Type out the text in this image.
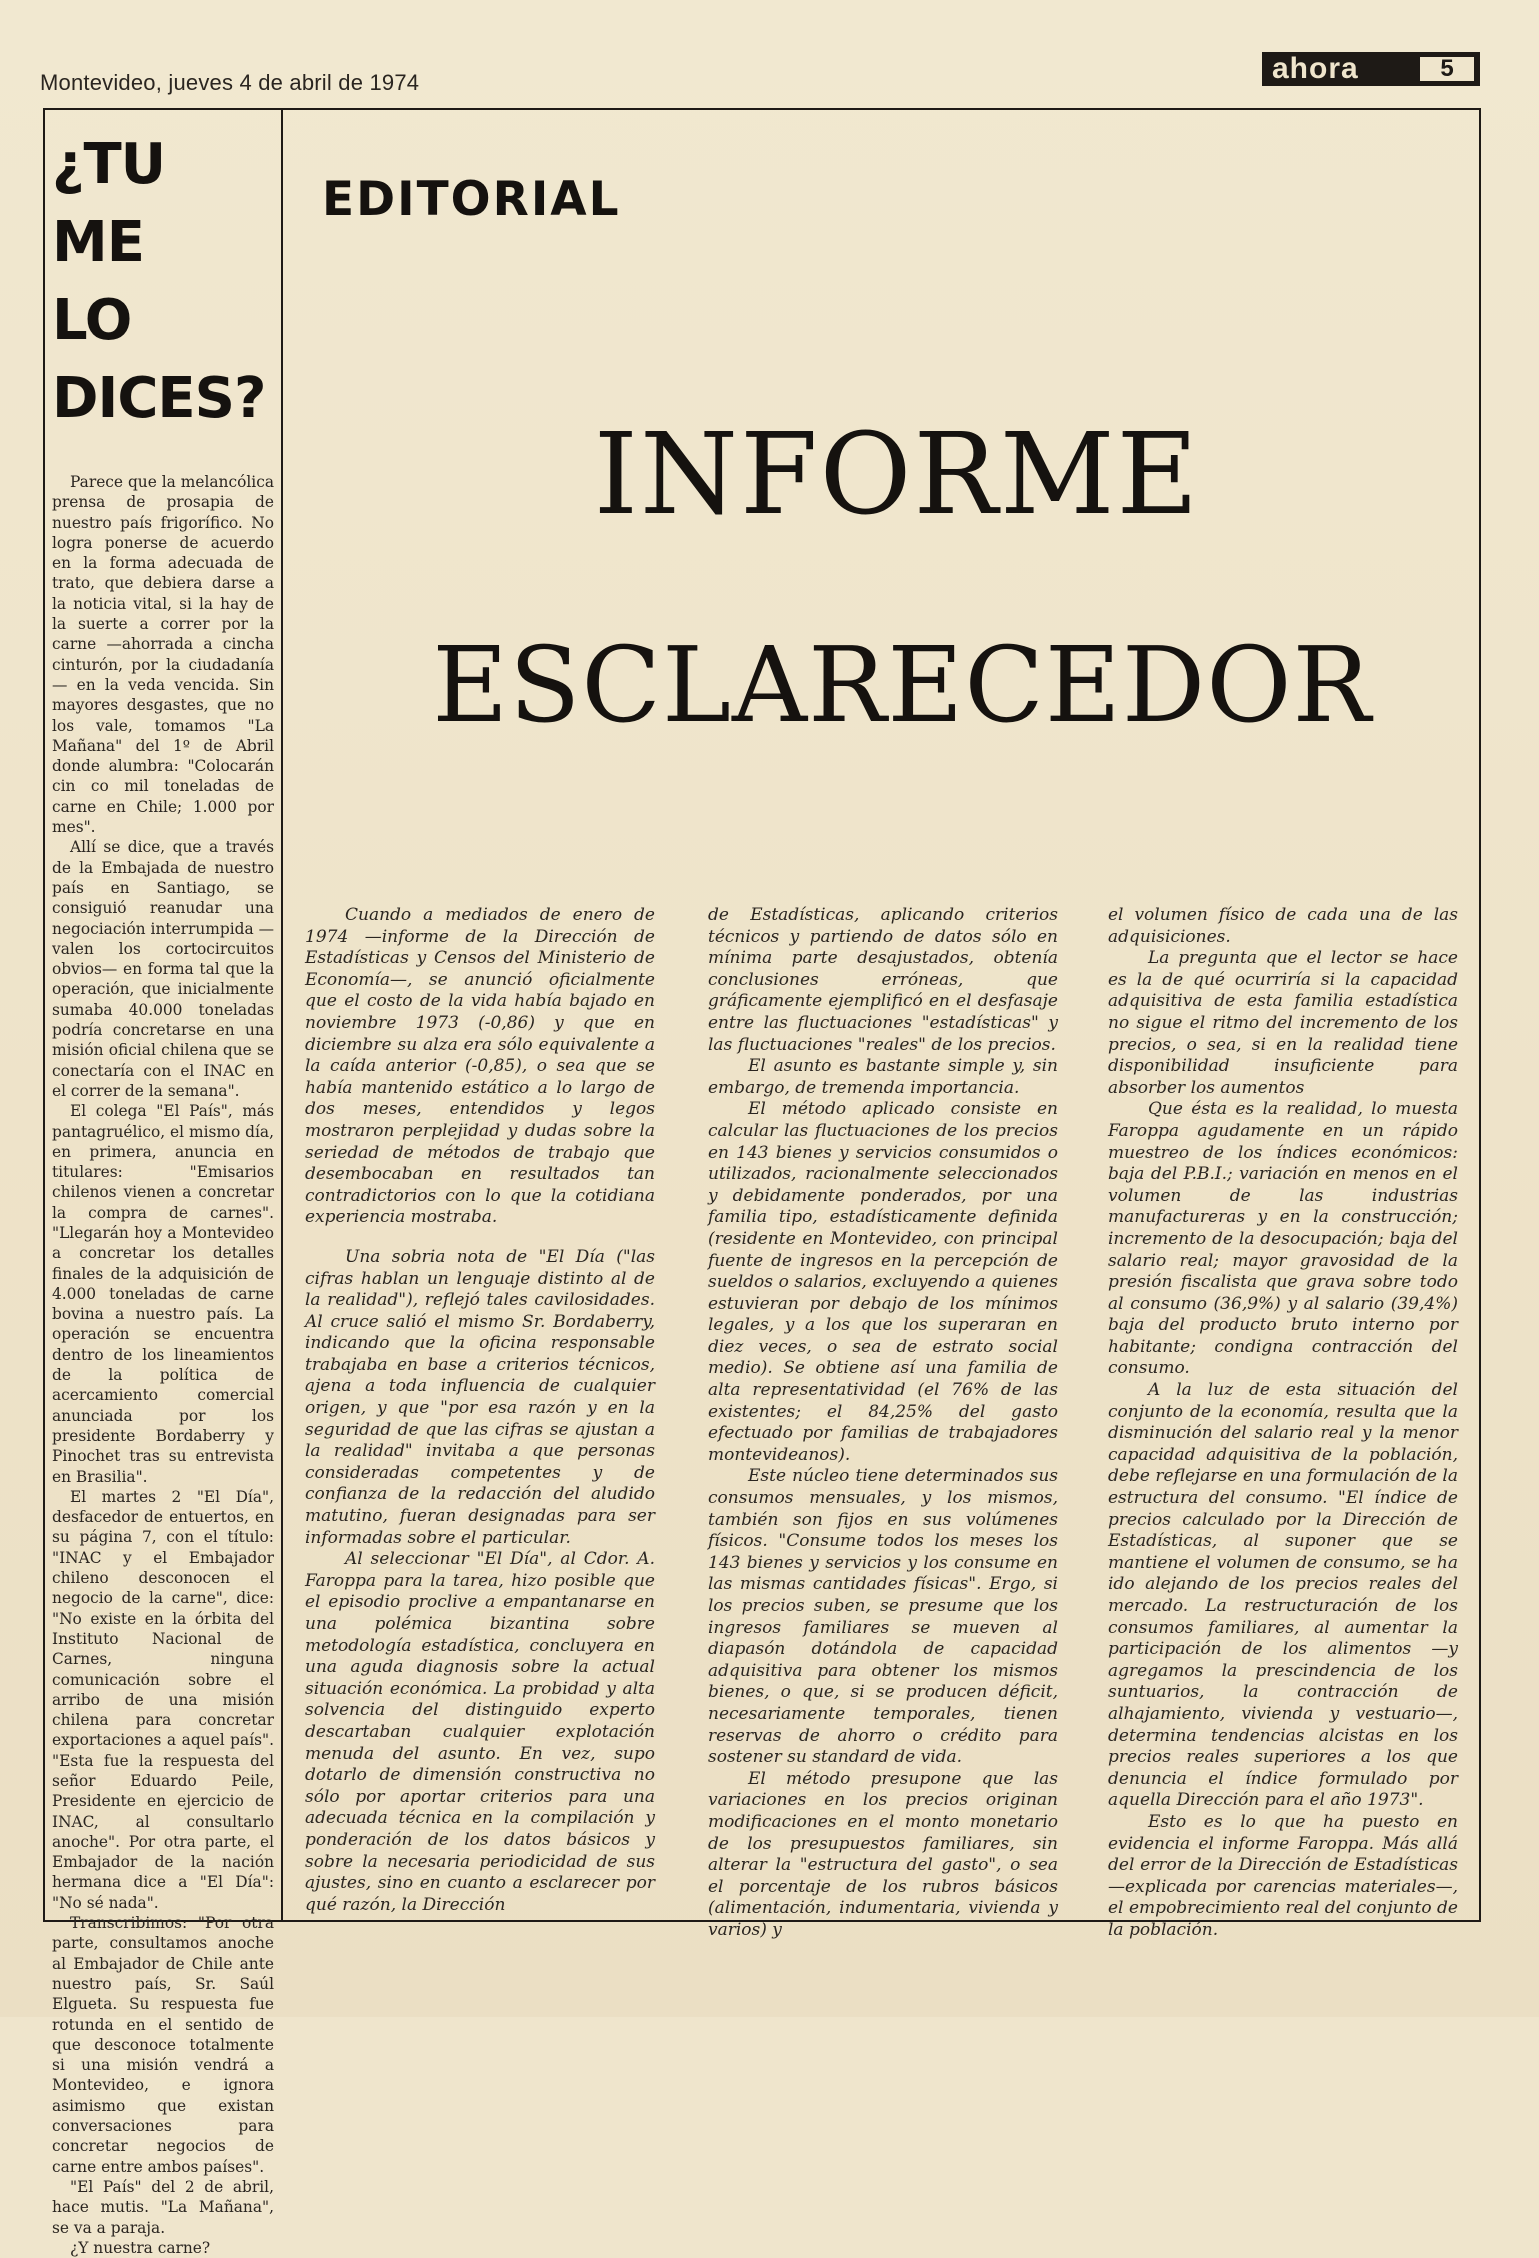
Montevideo, jueves 4 de abril de 1974	ahora	5
¿TU ME
LO
DICES?

Parece que la melancólica prensa de prosapia de nuestro país frigorífico. No logra ponerse de acuerdo en la forma adecuada de trato, que debiera darse a la noticia vital, si la hay de la suerte a correr por la carne —ahorrada a cincha cinturón, por la ciudadanía— en la veda vencida. Sin mayores desgastes, que no los vale, tomamos "La Mañana" del 1º de Abril donde alumbra: "Colocarán cin co mil toneladas de carne en Chile; 1.000 por mes".

Allí se dice, que a través de la Embajada de nuestro país en Santiago, se consiguió reanudar una negociación interrumpida —valen los cortocircuitos obvios— en forma tal que la operación, que inicialmente sumaba 40.000 toneladas podría concretarse en una misión oficial chilena que se conectaría con el INAC en el correr de la semana".

El colega "El País", más pantagruélico, el mismo día, en primera, anuncia en titulares: "Emisarios chilenos vienen a concretar la compra de carnes". "Llegarán hoy a Montevideo a concretar los detalles finales de la adquisición de 4.000 toneladas de carne bovina a nuestro país. La operación se encuentra dentro de los lineamientos de la política de acercamiento comercial anunciada por los presidente Bordaberry y Pinochet tras su entrevista en Brasilia".

El martes 2 "El Día", desfacedor de entuertos, en su página 7, con el título: "INAC y el Embajador chileno desconocen el negocio de la carne", dice: "No existe en la órbita del Instituto Nacional de Carnes, ninguna comunicación sobre el arribo de una misión chilena para concretar exportaciones a aquel país". "Esta fue la respuesta del señor Eduardo Peile, Presidente en ejercicio de INAC, al consultarlo anoche". Por otra parte, el Embajador de la nación hermana dice a "El Día": "No sé nada".

Transcribimos: "Por otra parte, consultamos anoche al Embajador de Chile ante nuestro país, Sr. Saúl Elgueta. Su respuesta fue rotunda en el sentido de que desconoce totalmente si una misión vendrá a Montevideo, e ignora asimismo que existan conversaciones para concretar negocios de carne entre ambos países".

"El País" del 2 de abril, hace mutis. "La Mañana", se va a paraja.

¿Y nuestra carne?

EDITORIAL
INFORME
ESCLARECEDOR

Cuando a mediados de enero de 1974 —informe de la Dirección de Estadísticas y Censos del Ministerio de Economía—, se anunció oficialmente que el costo de la vida había bajado en noviembre 1973 (-0,86) y que en diciembre su alza era sólo equivalente a la caída anterior (-0,85), o sea que se había mantenido estático a lo largo de dos meses, entendidos y legos mostraron perplejidad y dudas sobre la seriedad de métodos de trabajo que desembocaban en resultados tan contradictorios con lo que la cotidiana experiencia mostraba.

Una sobria nota de "El Día ("las cifras hablan un lenguaje distinto al de la realidad"), reflejó tales cavilosidades. Al cruce salió el mismo Sr. Bordaberry, indicando que la oficina responsable trabajaba en base a criterios técnicos, ajena a toda influencia de cualquier origen, y que "por esa razón y en la seguridad de que las cifras se ajustan a la realidad" invitaba a que personas consideradas competentes y de confianza de la redacción del aludido matutino, fueran designadas para ser informadas sobre el particular.

Al seleccionar "El Día", al Cdor. A. Faroppa para la tarea, hizo posible que el episodio proclive a empantanarse en una polémica bizantina sobre metodología estadística, concluyera en una aguda diagnosis sobre la actual situación económica. La probidad y alta solvencia del distinguido experto descartaban cualquier explotación menuda del asunto. En vez, supo dotarlo de dimensión constructiva no sólo por aportar criterios para una adecuada técnica en la compilación y ponderación de los datos básicos y sobre la necesaria periodicidad de sus ajustes, sino en cuanto a esclarecer por qué razón, la Dirección

de Estadísticas, aplicando criterios técnicos y partiendo de datos sólo en mínima parte desajustados, obtenía conclusiones erróneas, que gráficamente ejemplificó en el desfasaje entre las fluctuaciones "estadísticas" y las fluctuaciones "reales" de los precios.

El asunto es bastante simple y, sin embargo, de tremenda importancia.

El método aplicado consiste en calcular las fluctuaciones de los precios en 143 bienes y servicios consumidos o utilizados, racionalmente seleccionados y debidamente ponderados, por una familia tipo, estadísticamente definida (residente en Montevideo, con principal fuente de ingresos en la percepción de sueldos o salarios, excluyendo a quienes estuvieran por debajo de los mínimos legales, y a los que los superaran en diez veces, o sea de estrato social medio). Se obtiene así una familia de alta representatividad (el 76% de las existentes; el 84,25% del gasto efectuado por familias de trabajadores montevideanos).

Este núcleo tiene determinados sus consumos mensuales, y los mismos, también son fijos en sus volúmenes físicos. "Consume todos los meses los 143 bienes y servicios y los consume en las mismas cantidades físicas". Ergo, si los precios suben, se presume que los ingresos familiares se mueven al diapasón dotándola de capacidad adquisitiva para obtener los mismos bienes, o que, si se producen déficit, necesariamente temporales, tienen reservas de ahorro o crédito para sostener su standard de vida.

El método presupone que las variaciones en los precios originan modificaciones en el monto monetario de los presupuestos familiares, sin alterar la "estructura del gasto", o sea el porcentaje de los rubros básicos (alimentación, indumentaria, vivienda y varios) y

el volumen físico de cada una de las adquisiciones.

La pregunta que el lector se hace es la de qué ocurriría si la capacidad adquisitiva de esta familia estadística no sigue el ritmo del incremento de los precios, o sea, si en la realidad tiene disponibilidad insuficiente para absorber los aumentos

Que ésta es la realidad, lo muesta Faroppa agudamente en un rápido muestreo de los índices económicos: baja del P.B.I.; variación en menos en el volumen de las industrias manufactureras y en la construcción; incremento de la desocupación; baja del salario real; mayor gravosidad de la presión fiscalista que grava sobre todo al consumo (36,9%) y al salario (39,4%) baja del producto bruto interno por habitante; condigna contracción del consumo.

A la luz de esta situación del conjunto de la economía, resulta que la disminución del salario real y la menor capacidad adquisitiva de la población, debe reflejarse en una formulación de la estructura del consumo. "El índice de precios calculado por la Dirección de Estadísticas, al suponer que se mantiene el volumen de consumo, se ha ido alejando de los precios reales del mercado. La restructuración de los consumos familiares, al aumentar la participación de los alimentos —y agregamos la prescindencia de los suntuarios, la contracción de alhajamiento, vivienda y vestuario—, determina tendencias alcistas en los precios reales superiores a los que denuncia el índice formulado por aquella Dirección para el año 1973".

Esto es lo que ha puesto en evidencia el informe Faroppa. Más allá del error de la Dirección de Estadísticas —explicada por carencias materiales—, el empobrecimiento real del conjunto de la población.
